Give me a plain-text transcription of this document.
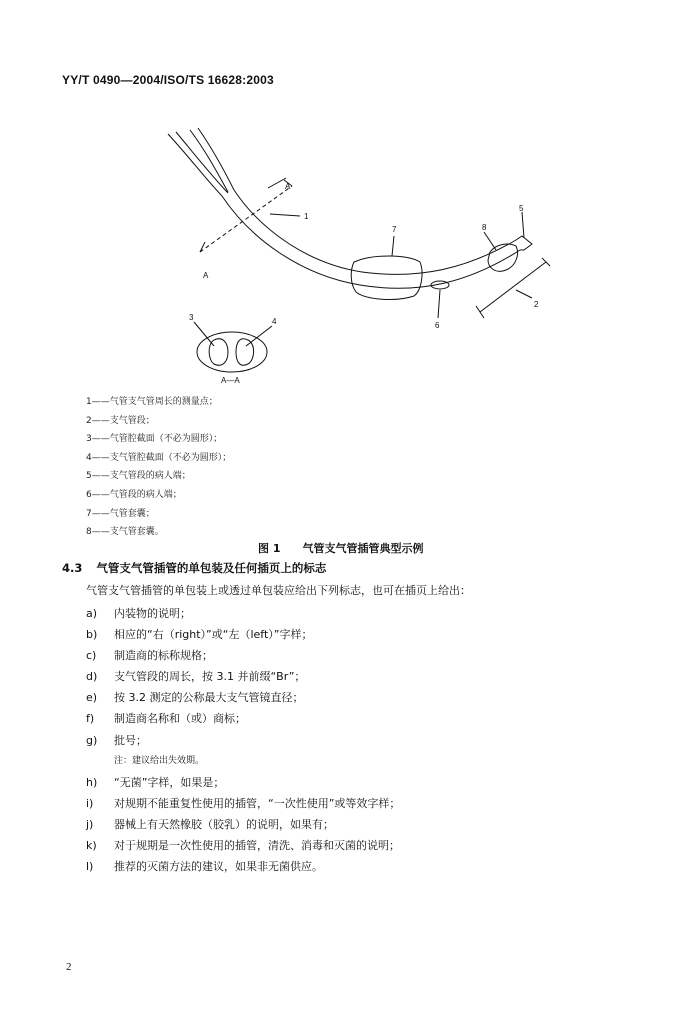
YY/T 0490—2004/ISO/TS 16628:2003
A
A
1
2
3	4
5
6
7	8
A—A
1——气管支气管周长的测量点；
2——支气管段；
3——气管腔截面（不必为圆形）；
4——支气管腔截面（不必为圆形）；
5——支气管段的病人端；
6——气管段的病人端；
7——气管套囊；
8——支气管套囊。
图 1 气管支气管插管典型示例
4.3 气管支气管插管的单包装及任何插页上的标志
气管支气管插管的单包装上或透过单包装应给出下列标志，也可在插页上给出：
a) 内装物的说明；
b) 相应的“右（right）”或“左（left）”字样；
c) 制造商的标称规格；
d) 支气管段的周长，按 3.1 并前缀“Br”；
e) 按 3.2 测定的公称最大支气管镜直径；
f) 制造商名称和（或）商标；
g) 批号；
注：建议给出失效期。
h) “无菌”字样，如果是；
i) 对规期不能重复性使用的插管，“一次性使用”或等效字样；
j) 器械上有天然橡胶（胶乳）的说明，如果有；
k) 对于规期是一次性使用的插管，清洗、消毒和灭菌的说明；
l) 推荐的灭菌方法的建议，如果非无菌供应。
2
